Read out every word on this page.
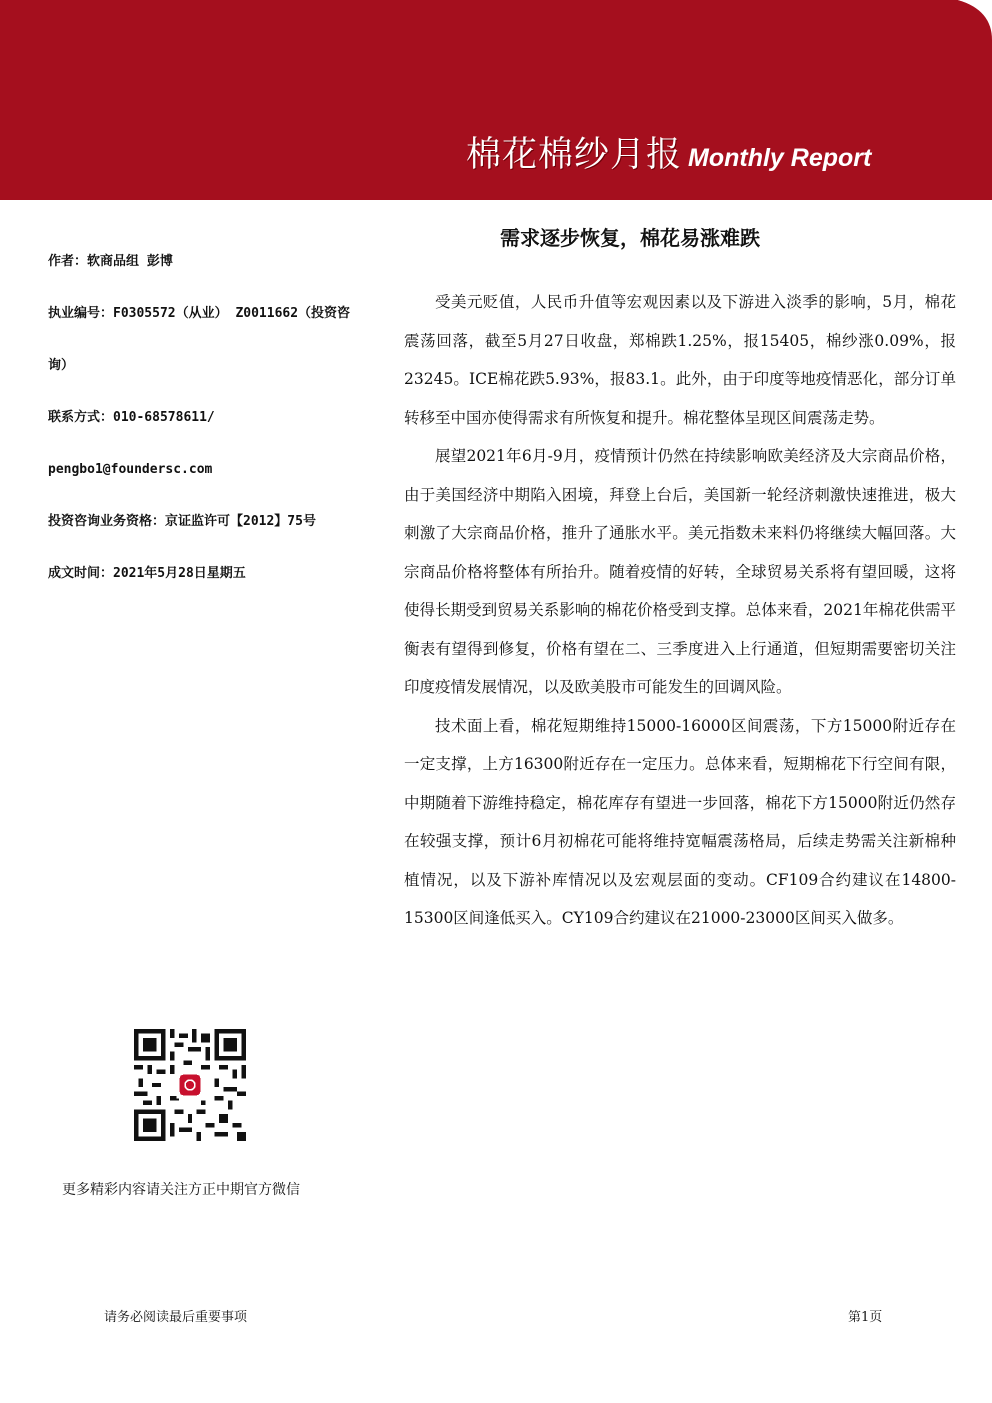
棉花棉纱月报 Monthly Report
作者：软商品组 彭博
执业编号：F0305572（从业） Z0011662（投资咨
询）
联系方式：010-68578611/
pengbo1@foundersc.com
投资咨询业务资格：京证监许可【2012】75号
成文时间：2021年5月28日星期五
需求逐步恢复，棉花易涨难跌

受美元贬值，人民币升值等宏观因素以及下游进入淡季的影响，5月，棉花震荡回落，截至5月27日收盘，郑棉跌1.25%，报15405，棉纱涨0.09%，报23245。ICE棉花跌5.93%，报83.1。此外，由于印度等地疫情恶化，部分订单转移至中国亦使得需求有所恢复和提升。棉花整体呈现区间震荡走势。

展望2021年6月-9月，疫情预计仍然在持续影响欧美经济及大宗商品价格，由于美国经济中期陷入困境，拜登上台后，美国新一轮经济刺激快速推进，极大刺激了大宗商品价格，推升了通胀水平。美元指数未来料仍将继续大幅回落。大宗商品价格将整体有所抬升。随着疫情的好转，全球贸易关系将有望回暖，这将使得长期受到贸易关系影响的棉花价格受到支撑。总体来看，2021年棉花供需平衡表有望得到修复，价格有望在二、三季度进入上行通道，但短期需要密切关注印度疫情发展情况，以及欧美股市可能发生的回调风险。

技术面上看，棉花短期维持15000-16000区间震荡，下方15000附近存在一定支撑，上方16300附近存在一定压力。总体来看，短期棉花下行空间有限，中期随着下游维持稳定，棉花库存有望进一步回落，棉花下方15000附近仍然存在较强支撑，预计6月初棉花可能将维持宽幅震荡格局，后续走势需关注新棉种植情况，以及下游补库情况以及宏观层面的变动。CF109合约建议在14800-15300区间逢低买入。CY109合约建议在21000-23000区间买入做多。

更多精彩内容请关注方正中期官方微信
请务必阅读最后重要事项	第1页
